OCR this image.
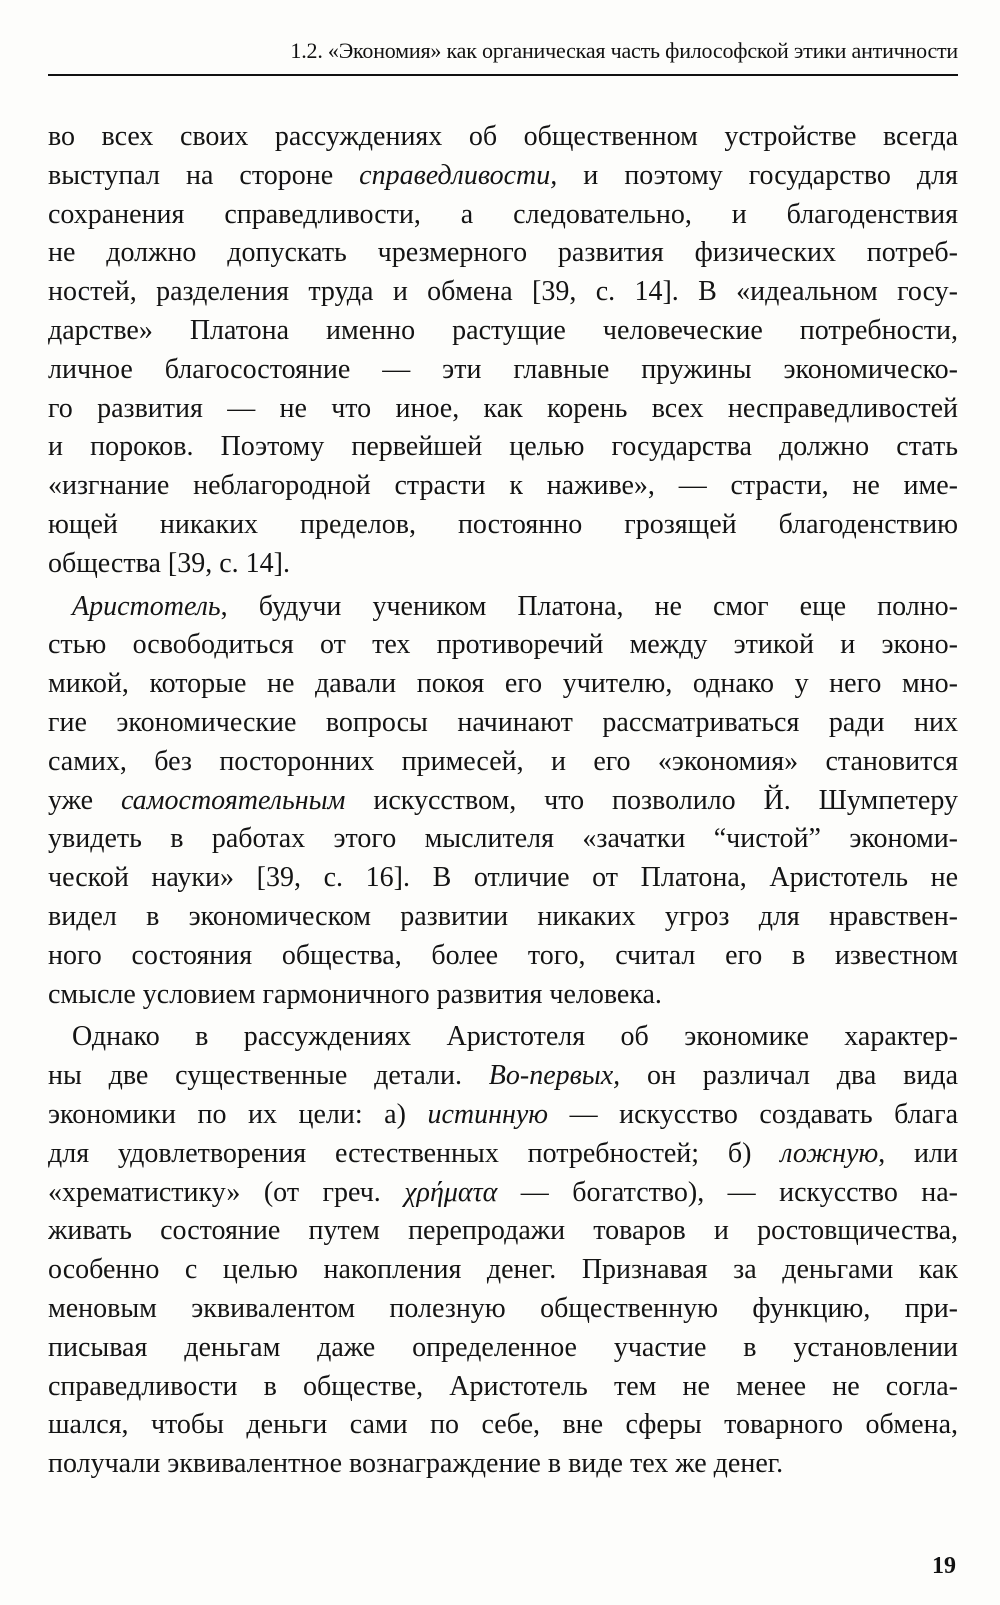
1.2. «Экономия» как органическая часть философской этики античности
во всех своих рассуждениях об общественном устройстве всегда
выступал на стороне справедливости, и поэтому государство для
сохранения справедливости, а следовательно, и благоденствия
не должно допускать чрезмерного развития физических потреб-
ностей, разделения труда и обмена [39, с. 14]. В «идеальном госу-
дарстве» Платона именно растущие человеческие потребности,
личное благосостояние — эти главные пружины экономическо-
го развития — не что иное, как корень всех несправедливостей
и пороков. Поэтому первейшей целью государства должно стать
«изгнание неблагородной страсти к наживе», — страсти, не име-
ющей никаких пределов, постоянно грозящей благоденствию
общества [39, с. 14].
Аристотель, будучи учеником Платона, не смог еще полно-
стью освободиться от тех противоречий между этикой и эконо-
микой, которые не давали покоя его учителю, однако у него мно-
гие экономические вопросы начинают рассматриваться ради них
самих, без посторонних примесей, и его «экономия» становится
уже самостоятельным искусством, что позволило Й. Шумпетеру
увидеть в работах этого мыслителя «зачатки “чистой” экономи-
ческой науки» [39, с. 16]. В отличие от Платона, Аристотель не
видел в экономическом развитии никаких угроз для нравствен-
ного состояния общества, более того, считал его в известном
смысле условием гармоничного развития человека.
Однако в рассуждениях Аристотеля об экономике характер-
ны две существенные детали. Во-первых, он различал два вида
экономики по их цели: а) истинную — искусство создавать блага
для удовлетворения естественных потребностей; б) ложную, или
«хрематистику» (от греч. χρήματα — богатство), — искусство на-
живать состояние путем перепродажи товаров и ростовщичества,
особенно с целью накопления денег. Признавая за деньгами как
меновым эквивалентом полезную общественную функцию, при-
писывая деньгам даже определенное участие в установлении
справедливости в обществе, Аристотель тем не менее не согла-
шался, чтобы деньги сами по себе, вне сферы товарного обмена,
получали эквивалентное вознаграждение в виде тех же денег.
19
